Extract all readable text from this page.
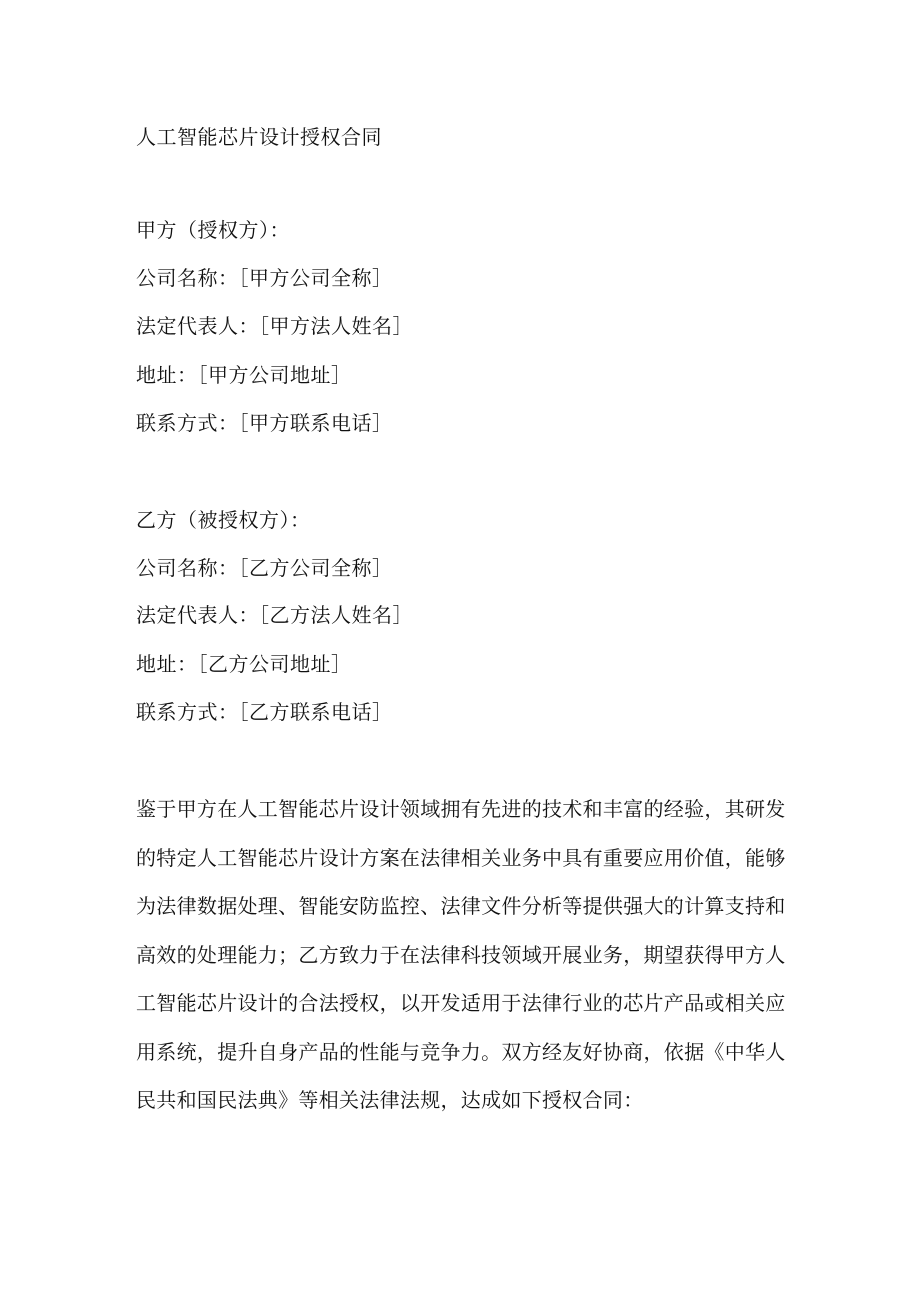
人工智能芯片设计授权合同
甲方（授权方）：
公司名称：［甲方公司全称］
法定代表人：［甲方法人姓名］
地址：［甲方公司地址］
联系方式：［甲方联系电话］
乙方（被授权方）：
公司名称：［乙方公司全称］
法定代表人：［乙方法人姓名］
地址：［乙方公司地址］
联系方式：［乙方联系电话］
鉴于甲方在人工智能芯片设计领域拥有先进的技术和丰富的经验，其研发
的特定人工智能芯片设计方案在法律相关业务中具有重要应用价值，能够
为法律数据处理、智能安防监控、法律文件分析等提供强大的计算支持和
高效的处理能力；乙方致力于在法律科技领域开展业务，期望获得甲方人
工智能芯片设计的合法授权，以开发适用于法律行业的芯片产品或相关应
用系统，提升自身产品的性能与竞争力。双方经友好协商，依据《中华人
民共和国民法典》等相关法律法规，达成如下授权合同：
